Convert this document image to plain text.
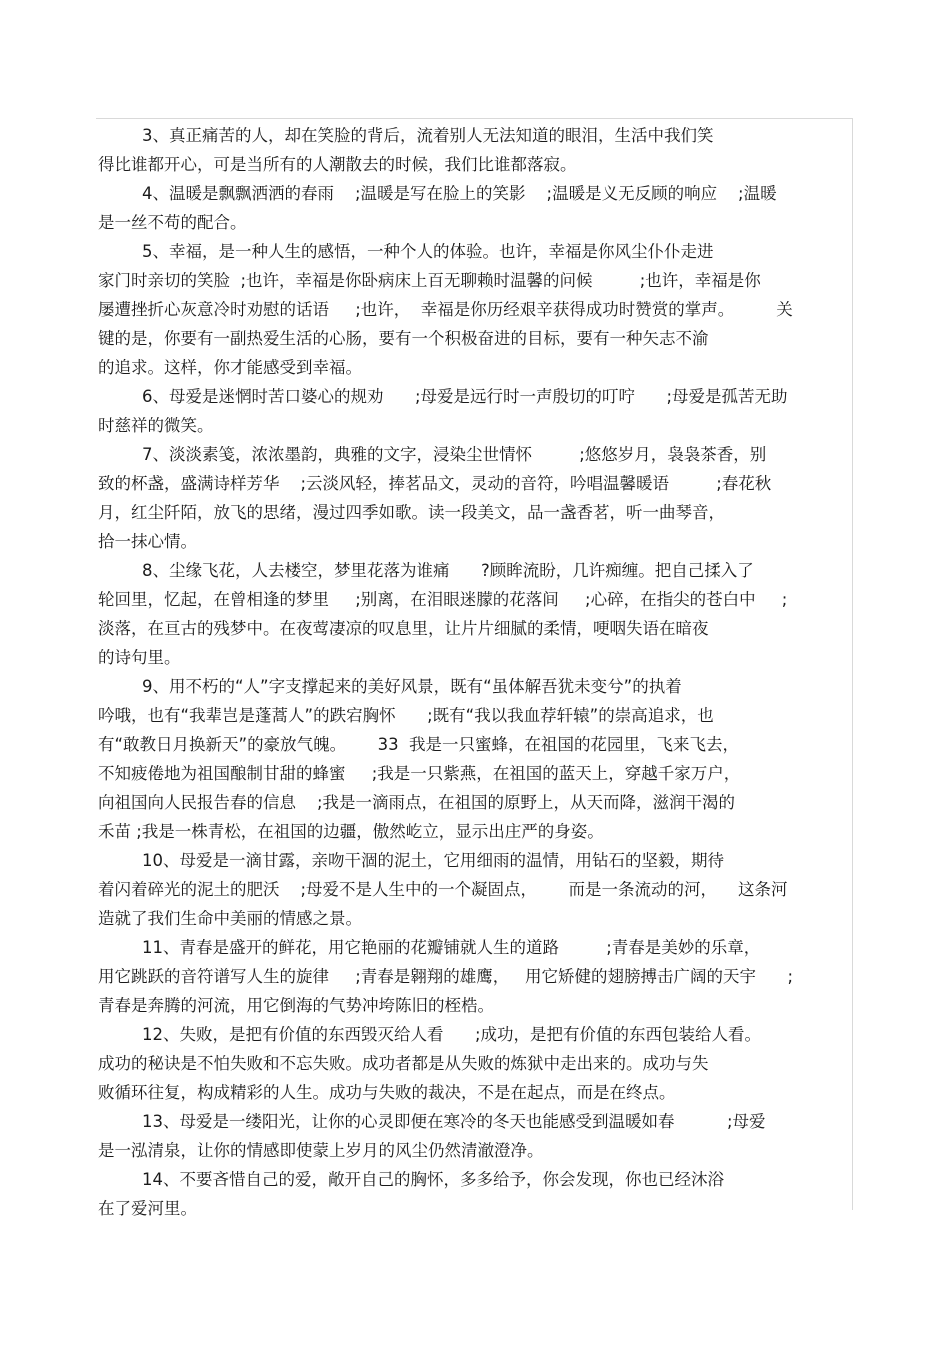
3、真正痛苦的人，却在笑脸的背后，流着别人无法知道的眼泪，生活中我们笑
得比谁都开心，可是当所有的人潮散去的时候，我们比谁都落寂。
4、温暖是飘飘洒洒的春雨    ;温暖是写在脸上的笑影    ;温暖是义无反顾的响应    ;温暖
是一丝不苟的配合。
5、幸福，是一种人生的感悟，一种个人的体验。也许，幸福是你风尘仆仆走进
家门时亲切的笑脸  ;也许，幸福是你卧病床上百无聊赖时温馨的问候         ;也许，幸福是你
屡遭挫折心灰意冷时劝慰的话语     ;也许，  幸福是你历经艰辛获得成功时赞赏的掌声。        关
键的是，你要有一副热爱生活的心肠，要有一个积极奋进的目标，要有一种矢志不渝
的追求。这样，你才能感受到幸福。
6、母爱是迷惘时苦口婆心的规劝      ;母爱是远行时一声殷切的叮咛      ;母爱是孤苦无助
时慈祥的微笑。
7、淡淡素笺，浓浓墨韵，典雅的文字，浸染尘世情怀         ;悠悠岁月，袅袅茶香，别
致的杯盏，盛满诗样芳华    ;云淡风轻，捧茗品文，灵动的音符，吟唱温馨暖语         ;春花秋
月，红尘阡陌，放飞的思绪，漫过四季如歌。读一段美文，品一盏香茗，听一曲琴音，
拾一抹心情。
8、尘缘飞花，人去楼空，梦里花落为谁痛      ?顾眸流盼，几许痴缠。把自己揉入了
轮回里，忆起，在曾相逢的梦里     ;别离，在泪眼迷朦的花落间     ;心碎，在指尖的苍白中     ;
淡落，在亘古的残梦中。在夜莺凄凉的叹息里，让片片细腻的柔情，哽咽失语在暗夜
的诗句里。
9、用不朽的“人”字支撑起来的美好风景，既有“虽体解吾犹未变兮”的执着
吟哦，也有“我辈岂是蓬蒿人”的跌宕胸怀      ;既有“我以我血荐轩辕”的崇高追求，也
有“敢教日月换新天”的豪放气魄。      33  我是一只蜜蜂，在祖国的花园里，飞来飞去，
不知疲倦地为祖国酿制甘甜的蜂蜜     ;我是一只紫燕，在祖国的蓝天上，穿越千家万户，
向祖国向人民报告春的信息    ;我是一滴雨点，在祖国的原野上，从天而降，滋润干渴的
禾苗 ;我是一株青松，在祖国的边疆，傲然屹立，显示出庄严的身姿。
10、母爱是一滴甘露，亲吻干涸的泥土，它用细雨的温情，用钻石的坚毅，期待
着闪着碎光的泥土的肥沃    ;母爱不是人生中的一个凝固点，      而是一条流动的河，    这条河
造就了我们生命中美丽的情感之景。
11、青春是盛开的鲜花，用它艳丽的花瓣铺就人生的道路         ;青春是美妙的乐章，
用它跳跃的音符谱写人生的旋律     ;青春是翱翔的雄鹰，   用它矫健的翅膀搏击广阔的天宇      ;
青春是奔腾的河流，用它倒海的气势冲垮陈旧的桎梏。
12、失败，是把有价值的东西毁灭给人看      ;成功，是把有价值的东西包装给人看。
成功的秘诀是不怕失败和不忘失败。成功者都是从失败的炼狱中走出来的。成功与失
败循环往复，构成精彩的人生。成功与失败的裁决，不是在起点，而是在终点。
13、母爱是一缕阳光，让你的心灵即便在寒冷的冬天也能感受到温暖如春          ;母爱
是一泓清泉，让你的情感即使蒙上岁月的风尘仍然清澈澄净。
14、不要吝惜自己的爱，敞开自己的胸怀，多多给予，你会发现，你也已经沐浴
在了爱河里。
